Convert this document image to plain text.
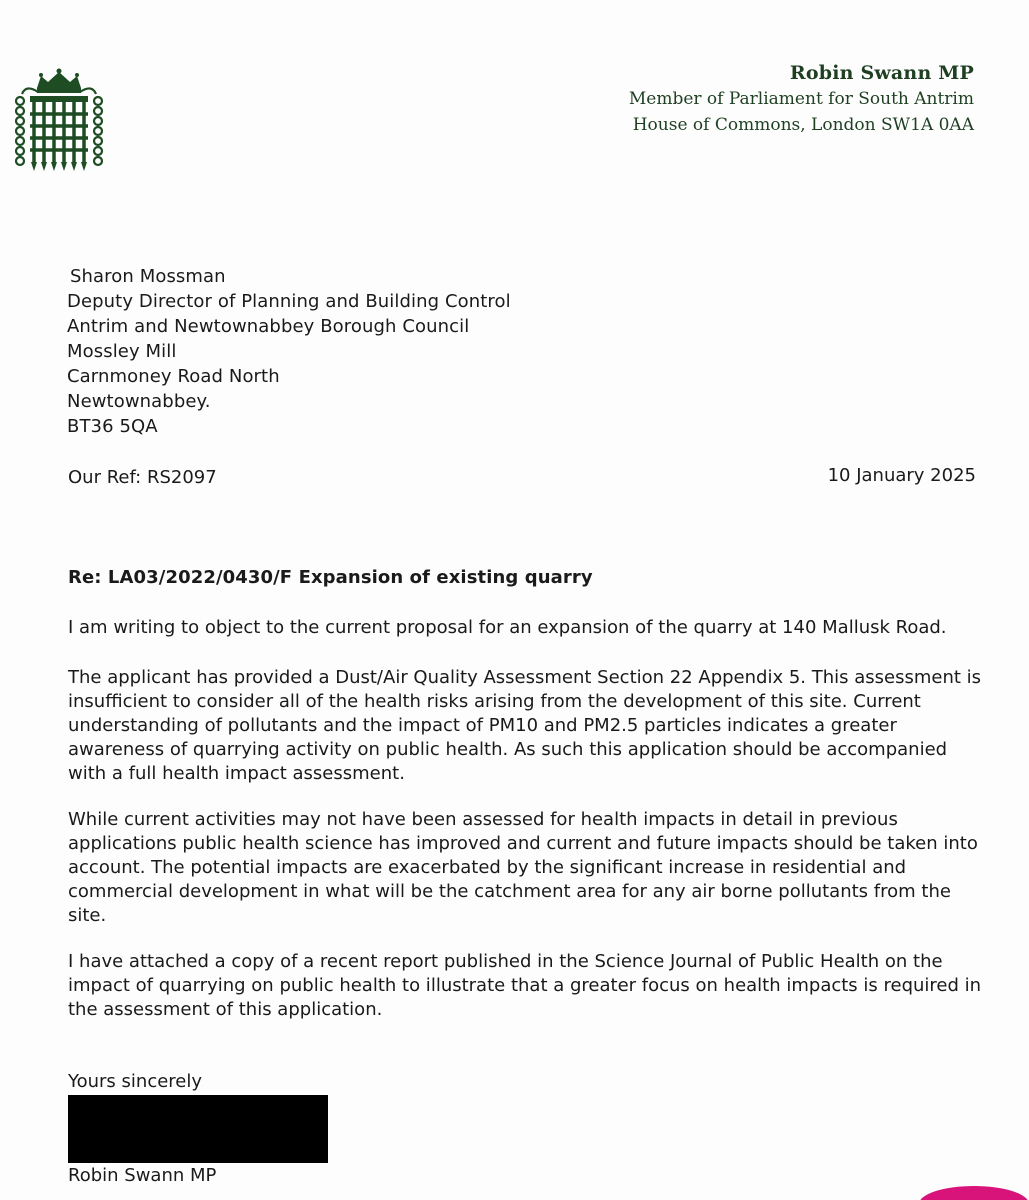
Robin Swann MP
Member of Parliament for South Antrim
House of Commons, London SW1A 0AA
Sharon Mossman
Deputy Director of Planning and Building Control
Antrim and Newtownabbey Borough Council
Mossley Mill
Carnmoney Road North
Newtownabbey.
BT36 5QA
Our Ref: RS2097	10 January 2025
Re: LA03/2022/0430/F Expansion of existing quarry

I am writing to object to the current proposal for an expansion of the quarry at 140 Mallusk Road.

The applicant has provided a Dust/Air Quality Assessment Section 22 Appendix 5. This assessment is insufficient to consider all of the health risks arising from the development of this site. Current understanding of pollutants and the impact of PM10 and PM2.5 particles indicates a greater awareness of quarrying activity on public health. As such this application should be accompanied with a full health impact assessment.

While current activities may not have been assessed for health impacts in detail in previous applications public health science has improved and current and future impacts should be taken into account. The potential impacts are exacerbated by the significant increase in residential and commercial development in what will be the catchment area for any air borne pollutants from the site.

I have attached a copy of a recent report published in the Science Journal of Public Health on the impact of quarrying on public health to illustrate that a greater focus on health impacts is required in the assessment of this application.

Yours sincerely
Robin Swann MP
